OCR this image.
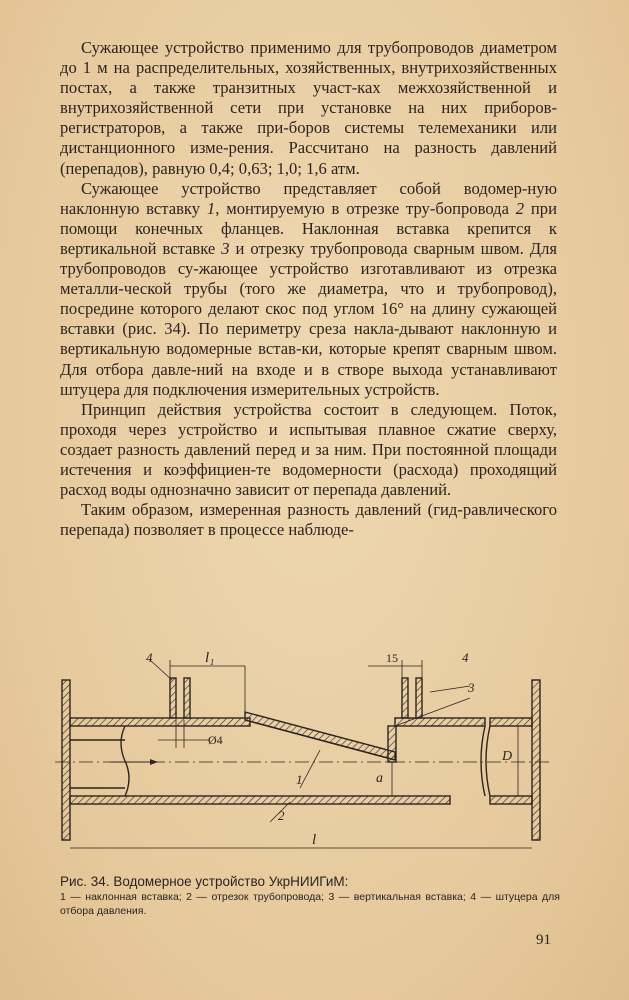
Сужающее устройство применимо для трубопроводов диаметром до 1 м на распределительных, хозяйственных, внутрихозяйственных постах, а также транзитных участ-ках межхозяйственной и внутрихозяйственной сети при установке на них приборов-регистраторов, а также при-боров системы телемеханики или дистанционного изме-рения. Рассчитано на разность давлений (перепадов), равную 0,4; 0,63; 1,0; 1,6 атм.

Сужающее устройство представляет собой водомер-ную наклонную вставку 1, монтируемую в отрезке тру-бопровода 2 при помощи конечных фланцев. Наклонная вставка крепится к вертикальной вставке 3 и отрезку трубопровода сварным швом. Для трубопроводов су-жающее устройство изготавливают из отрезка металли-ческой трубы (того же диаметра, что и трубопровод), посредине которого делают скос под углом 16° на длину сужающей вставки (рис. 34). По периметру среза накла-дывают наклонную и вертикальную водомерные встав-ки, которые крепят сварным швом. Для отбора давле-ний на входе и в створе выхода устанавливают штуцера для подключения измерительных устройств.

Принцип действия устройства состоит в следующем. Поток, проходя через устройство и испытывая плавное сжатие сверху, создает разность давлений перед и за ним. При постоянной площади истечения и коэффициен-те водомерности (расхода) проходящий расход воды однозначно зависит от перепада давлений.

Таким образом, измеренная разность давлений (гид-равлического перепада) позволяет в процессе наблюде-

4	l₁	15	4
3
Ø4
D
a
1
2
l
Рис. 34. Водомерное устройство УкрНИИГиМ:
1 — наклонная вставка; 2 — отрезок трубопровода; 3 — вертикальная вставка; 4 — штуцера для отбора давления.
91
